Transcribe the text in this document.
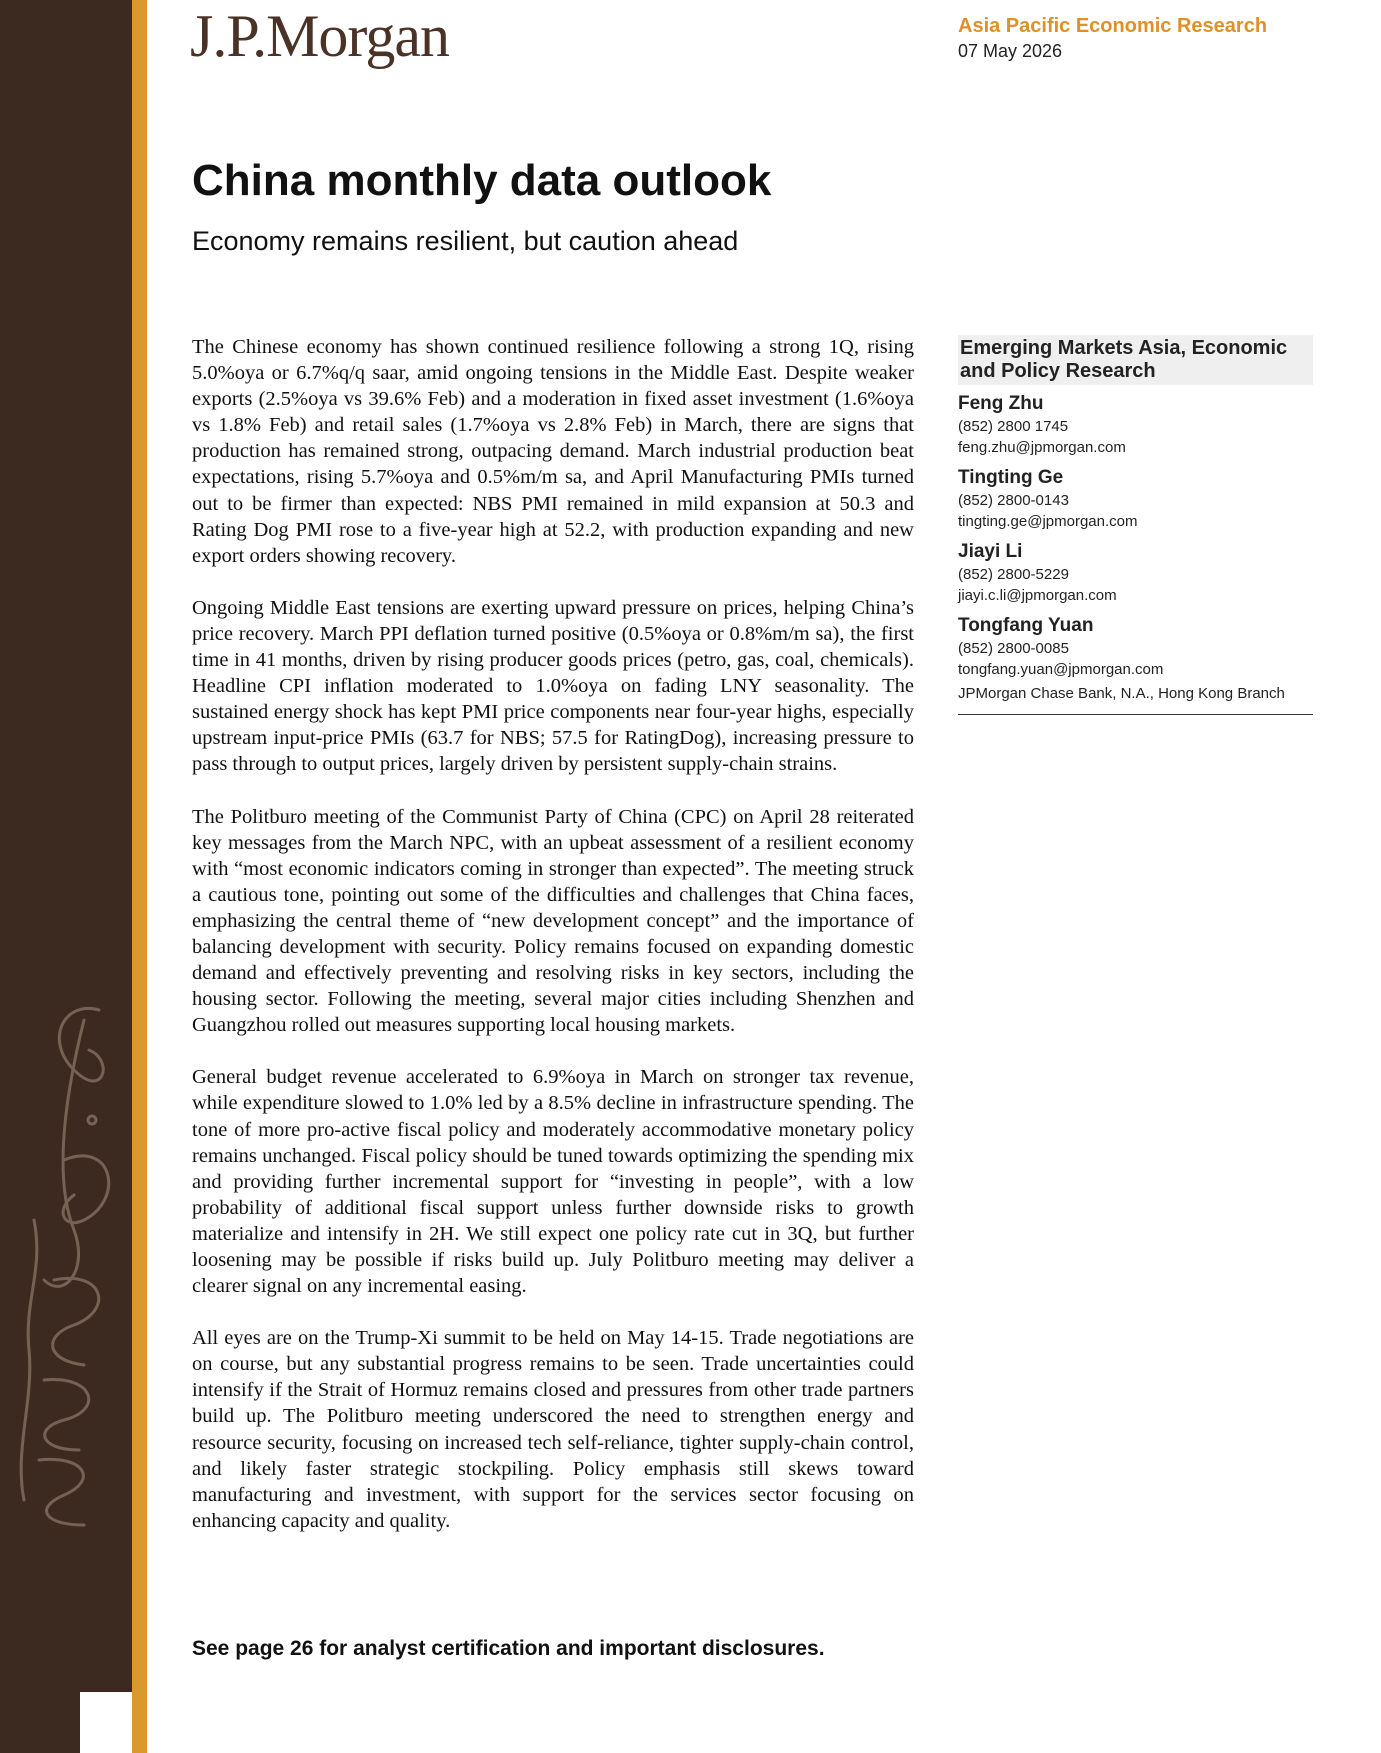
J.P.Morgan	Asia Pacific Economic Research
07 May 2026
China monthly data outlook
Economy remains resilient, but caution ahead

The Chinese economy has shown continued resilience following a strong 1Q, rising 5.0%oya or 6.7%q/q saar, amid ongoing tensions in the Middle East. Despite weaker exports (2.5%oya vs 39.6% Feb) and a moderation in fixed asset investment (1.6%oya vs 1.8% Feb) and retail sales (1.7%oya vs 2.8% Feb) in March, there are signs that production has remained strong, outpacing demand. March industrial production beat expectations, rising 5.7%oya and 0.5%m/m sa, and April Manufacturing PMIs turned out to be firmer than expected: NBS PMI remained in mild expansion at 50.3 and Rating Dog PMI rose to a five-year high at 52.2, with production expanding and new export orders showing recovery.

Ongoing Middle East tensions are exerting upward pressure on prices, helping China’s price recovery. March PPI deflation turned positive (0.5%oya or 0.8%m/m sa), the first time in 41 months, driven by rising producer goods prices (petro, gas, coal, chemicals). Headline CPI inflation moderated to 1.0%oya on fading LNY seasonality. The sustained energy shock has kept PMI price components near four-year highs, especially upstream input-price PMIs (63.7 for NBS; 57.5 for RatingDog), increasing pressure to pass through to output prices, largely driven by persistent supply-chain strains.

The Politburo meeting of the Communist Party of China (CPC) on April 28 reiterated key messages from the March NPC, with an upbeat assessment of a resilient economy with “most economic indicators coming in stronger than expected”. The meeting struck a cautious tone, pointing out some of the difficulties and challenges that China faces, emphasizing the central theme of “new development concept” and the importance of balancing development with security. Policy remains focused on expanding domestic demand and effectively preventing and resolving risks in key sectors, including the housing sector. Following the meeting, several major cities including Shenzhen and Guangzhou rolled out measures supporting local housing markets.

General budget revenue accelerated to 6.9%oya in March on stronger tax revenue, while expenditure slowed to 1.0% led by a 8.5% decline in infrastructure spending. The tone of more pro-active fiscal policy and moderately accommodative monetary policy remains unchanged. Fiscal policy should be tuned towards optimizing the spending mix and providing further incremental support for “investing in people”, with a low probability of additional fiscal support unless further downside risks to growth materialize and intensify in 2H. We still expect one policy rate cut in 3Q, but further loosening may be possible if risks build up. July Politburo meeting may deliver a clearer signal on any incremental easing.

All eyes are on the Trump-Xi summit to be held on May 14-15. Trade negotiations are on course, but any substantial progress remains to be seen. Trade uncertainties could intensify if the Strait of Hormuz remains closed and pressures from other trade partners build up. The Politburo meeting underscored the need to strengthen energy and resource security, focusing on increased tech self-reliance, tighter supply-chain control, and likely faster strategic stockpiling. Policy emphasis still skews toward manufacturing and investment, with support for the services sector focusing on enhancing capacity and quality.

See page 26 for analyst certification and important disclosures.
Emerging Markets Asia, Economic and Policy Research
Feng Zhu
(852) 2800 1745
feng.zhu@jpmorgan.com
Tingting Ge
(852) 2800-0143
tingting.ge@jpmorgan.com
Jiayi Li
(852) 2800-5229
jiayi.c.li@jpmorgan.com
Tongfang Yuan
(852) 2800-0085
tongfang.yuan@jpmorgan.com
JPMorgan Chase Bank, N.A., Hong Kong Branch
